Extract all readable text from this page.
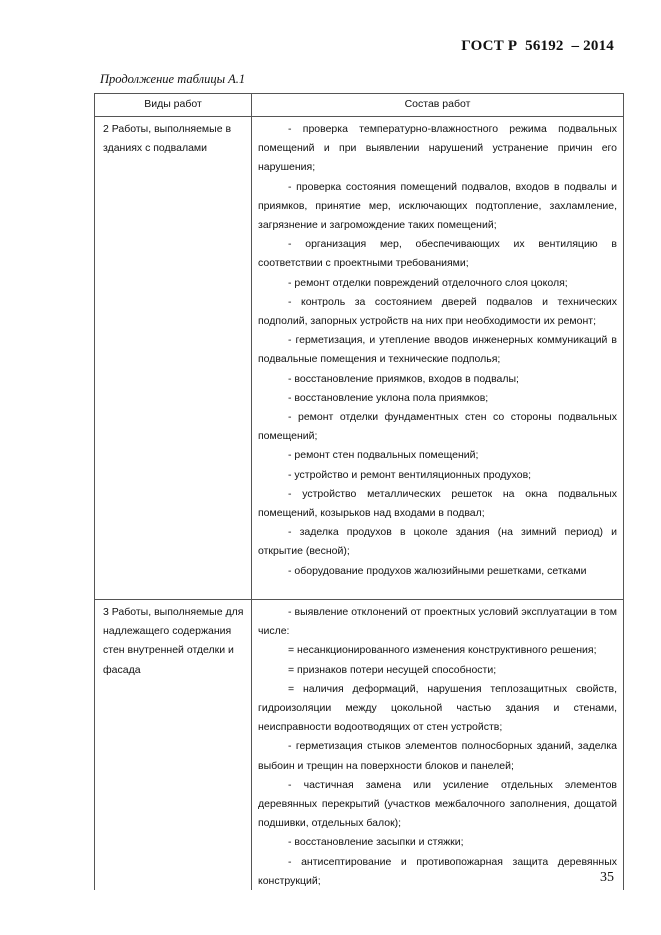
ГОСТ Р  56192  – 2014
Продолжение таблицы А.1
Виды работ	Состав работ
2 Работы, выполняемые в зданиях с подвалами
- проверка температурно-влажностного режима подвальных помещений и при выявлении нарушений устранение причин его нарушения;
- проверка состояния помещений подвалов, входов в подвалы и приямков, принятие мер, исключающих подтопление, захламление, загрязнение и загромождение таких помещений;
- организация мер, обеспечивающих их вентиляцию в соответствии с проектными требованиями;
- ремонт отделки повреждений отделочного слоя цоколя;
- контроль за состоянием дверей подвалов и технических подполий, запорных устройств на них при необходимости их ремонт;
- герметизация, и утепление вводов инженерных коммуникаций в подвальные помещения и технические подполья;
- восстановление приямков, входов в подвалы;
- восстановление уклона пола приямков;
- ремонт отделки фундаментных стен со стороны подвальных помещений;
- ремонт стен подвальных помещений;
- устройство и ремонт вентиляционных продухов;
- устройство металлических решеток на окна подвальных помещений, козырьков над входами в подвал;
- заделка продухов в цоколе здания (на зимний период) и открытие (весной);
- оборудование продухов жалюзийными решетками, сетками
3 Работы, выполняемые для надлежащего содержания стен внутренней отделки и фасада
- выявление отклонений от проектных условий эксплуатации в том числе:
= несанкционированного изменения конструктивного решения;
= признаков потери несущей способности;
= наличия деформаций, нарушения теплозащитных свойств, гидроизоляции между цокольной частью здания и стенами, неисправности водоотводящих от стен устройств;
- герметизация стыков элементов полносборных зданий, заделка выбоин и трещин на поверхности блоков и панелей;
- частичная замена или усиление отдельных элементов деревянных перекрытий (участков межбалочного заполнения, дощатой подшивки, отдельных балок);
- восстановление засыпки и стяжки;
- антисептирование и противопожарная защита деревянных конструкций;	35
